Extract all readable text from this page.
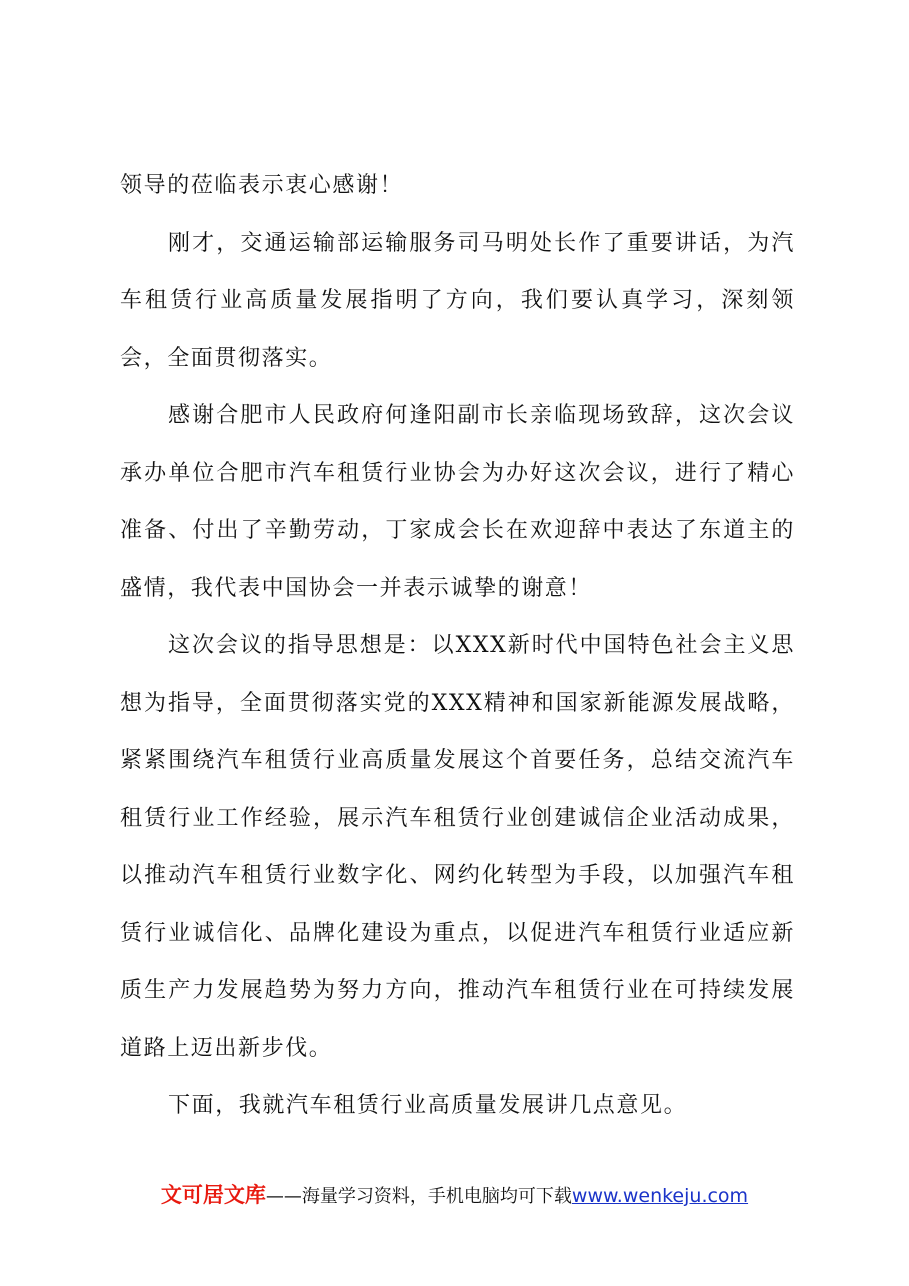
领导的莅临表示衷心感谢！

刚才，交通运输部运输服务司马明处长作了重要讲话，为汽车租赁行业高质量发展指明了方向，我们要认真学习，深刻领会，全面贯彻落实。

感谢合肥市人民政府何逢阳副市长亲临现场致辞，这次会议承办单位合肥市汽车租赁行业协会为办好这次会议，进行了精心准备、付出了辛勤劳动，丁家成会长在欢迎辞中表达了东道主的盛情，我代表中国协会一并表示诚挚的谢意！

这次会议的指导思想是：以XXX新时代中国特色社会主义思想为指导，全面贯彻落实党的XXX精神和国家新能源发展战略，紧紧围绕汽车租赁行业高质量发展这个首要任务，总结交流汽车租赁行业工作经验，展示汽车租赁行业创建诚信企业活动成果，以推动汽车租赁行业数字化、网约化转型为手段，以加强汽车租赁行业诚信化、品牌化建设为重点，以促进汽车租赁行业适应新质生产力发展趋势为努力方向，推动汽车租赁行业在可持续发展道路上迈出新步伐。

下面，我就汽车租赁行业高质量发展讲几点意见。

文可居文库——海量学习资料，手机电脑均可下载www.wenkeju.com
